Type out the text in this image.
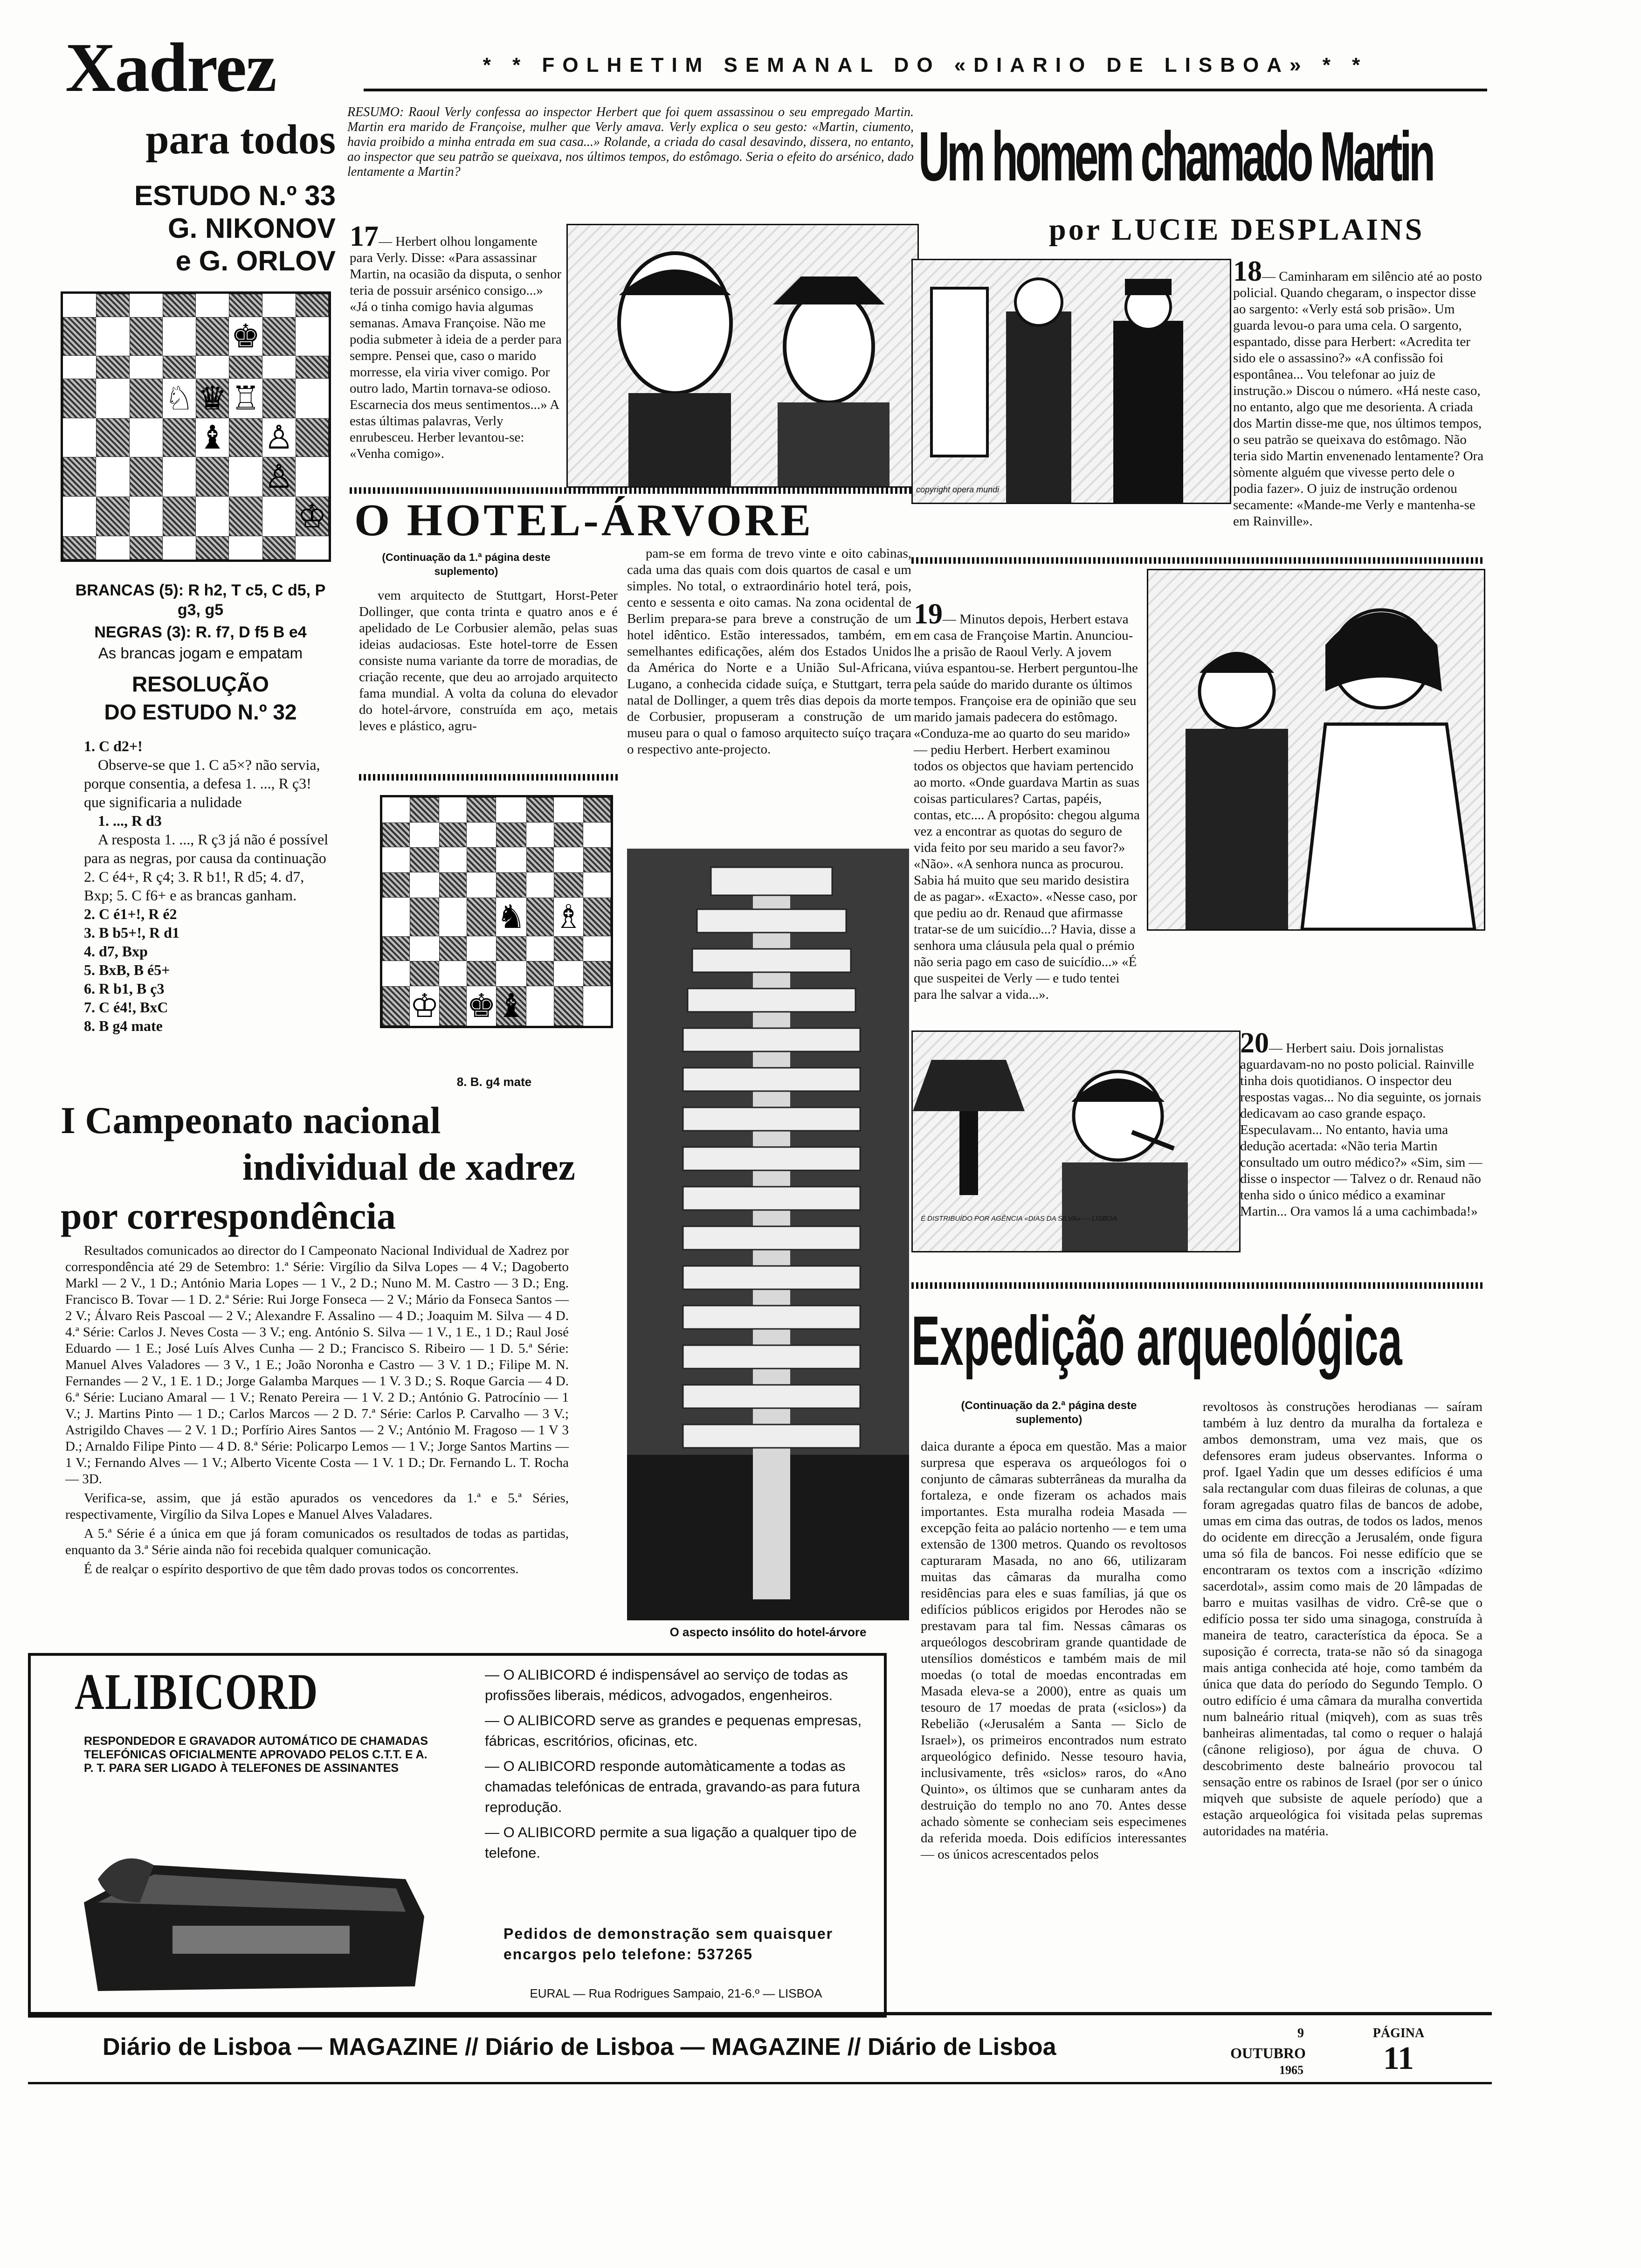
Xadrez	* * FOLHETIM SEMANAL DO «DIARIO DE LISBOA» * *
para todos
ESTUDO N.º 33
G. NIKONOV
e G. ORLOV
♚
♘ ♛ ♖
♝ ♙
♙
♔
BRANCAS (5): R h2, T c5, C d5, P g3, g5
NEGRAS (3): R. f7, D f5 B e4
As brancas jogam e empatam
RESOLUÇÃO
DO ESTUDO N.º 32
1. C d2+!
Observe-se que 1. C a5×? não servia, porque consentia, a defesa 1. ..., R ç3! que significaria a nulidade
1. ..., R d3
A resposta 1. ..., R ç3 já não é possível para as negras, por causa da continuação 2. C é4+, R ç4; 3. R b1!, R d5; 4. d7, Bxp; 5. C f6+ e as brancas ganham.
2. C é1+!, R é2
3. B b5+!, R d1
4. d7, Bxp
5. BxB, B é5+
6. R b1, B ç3
7. C é4!, BxC
8. B g4 mate
I Campeonato nacional
individual de xadrez
por correspondência

Resultados comunicados ao director do I Campeonato Nacional Individual de Xadrez por correspondência até 29 de Setembro: 1.ª Série: Virgílio da Silva Lopes — 4 V.; Dagoberto Markl — 2 V., 1 D.; António Maria Lopes — 1 V., 2 D.; Nuno M. M. Castro — 3 D.; Eng. Francisco B. Tovar — 1 D. 2.ª Série: Rui Jorge Fonseca — 2 V.; Mário da Fonseca Santos — 2 V.; Álvaro Reis Pascoal — 2 V.; Alexandre F. Assalino — 4 D.; Joaquim M. Silva — 4 D. 4.ª Série: Carlos J. Neves Costa — 3 V.; eng. António S. Silva — 1 V., 1 E., 1 D.; Raul José Eduardo — 1 E.; José Luís Alves Cunha — 2 D.; Francisco S. Ribeiro — 1 D. 5.ª Série: Manuel Alves Valadores — 3 V., 1 E.; João Noronha e Castro — 3 V. 1 D.; Filipe M. N. Fernandes — 2 V., 1 E. 1 D.; Jorge Galamba Marques — 1 V. 3 D.; S. Roque Garcia — 4 D. 6.ª Série: Luciano Amaral — 1 V.; Renato Pereira — 1 V. 2 D.; António G. Patrocínio — 1 V.; J. Martins Pinto — 1 D.; Carlos Marcos — 2 D. 7.ª Série: Carlos P. Carvalho — 3 V.; Astrigildo Chaves — 2 V. 1 D.; Porfírio Aires Santos — 2 V.; António M. Fragoso — 1 V 3 D.; Arnaldo Filipe Pinto — 4 D. 8.ª Série: Policarpo Lemos — 1 V.; Jorge Santos Martins — 1 V.; Fernando Alves — 1 V.; Alberto Vicente Costa — 1 V. 1 D.; Dr. Fernando L. T. Rocha — 3D.

Verifica-se, assim, que já estão apurados os vencedores da 1.ª e 5.ª Séries, respectivamente, Virgílio da Silva Lopes e Manuel Alves Valadares.

A 5.ª Série é a única em que já foram comunicados os resultados de todas as partidas, enquanto da 3.ª Série ainda não foi recebida qualquer comunicação.

É de realçar o espírito desportivo de que têm dado provas todos os concorrentes.

RESUMO: Raoul Verly confessa ao inspector Herbert que foi quem assassinou o seu empregado Martin. Martin era marido de Françoise, mulher que Verly amava. Verly explica o seu gesto: «Martin, ciumento, havia proibido a minha entrada em sua casa...» Rolande, a criada do casal desavindo, dissera, no entanto, ao inspector que seu patrão se queixava, nos últimos tempos, do estômago. Seria o efeito do arsénico, dado lentamente a Martin?	Um homem chamado Martin
por LUCIE DESPLAINS
17— Herbert olhou longamente para Verly. Disse: «Para assassinar Martin, na ocasião da disputa, o senhor teria de possuir arsénico consigo...» «Já o tinha comigo havia algumas semanas. Amava Françoise. Não me podia submeter à ideia de a perder para sempre. Pensei que, caso o marido morresse, ela viria viver comigo. Por outro lado, Martin tornava-se odioso. Escarnecia dos meus sentimentos...» A estas últimas palavras, Verly enrubesceu. Herber levantou-se: «Venha comigo».
copyright opera mundi
18— Caminharam em silêncio até ao posto policial. Quando chegaram, o inspector disse ao sargento: «Verly está sob prisão». Um guarda levou-o para uma cela. O sargento, espantado, disse para Herbert: «Acredita ter sido ele o assassino?» «A confissão foi espontânea... Vou telefonar ao juiz de instrução.» Discou o número. «Há neste caso, no entanto, algo que me desorienta. A criada dos Martin disse-me que, nos últimos tempos, o seu patrão se queixava do estômago. Não teria sido Martin envenenado lentamente? Ora sòmente alguém que vivesse perto dele o podia fazer». O juiz de instrução ordenou secamente: «Mande-me Verly e mantenha-se em Rainville».
19— Minutos depois, Herbert estava em casa de Françoise Martin. Anunciou-lhe a prisão de Raoul Verly. A jovem viúva espantou-se. Herbert perguntou-lhe pela saúde do marido durante os últimos tempos. Françoise era de opinião que seu marido jamais padecera do estômago. «Conduza-me ao quarto do seu marido» — pediu Herbert. Herbert examinou todos os objectos que haviam pertencido ao morto. «Onde guardava Martin as suas coisas particulares? Cartas, papéis, contas, etc.... A propósito: chegou alguma vez a encontrar as quotas do seguro de vida feito por seu marido a seu favor?» «Não». «A senhora nunca as procurou. Sabia há muito que seu marido desistira de as pagar». «Exacto». «Nesse caso, por que pediu ao dr. Renaud que afirmasse tratar-se de um suicídio...? Havia, disse a senhora uma cláusula pela qual o prémio não seria pago em caso de suicídio...» «É que suspeitei de Verly — e tudo tentei para lhe salvar a vida...».
É DISTRIBUÍDO POR AGÊNCIA «DIAS DA SILVA» — LISBOA
20— Herbert saiu. Dois jornalistas aguardavam-no no posto policial. Rainville tinha dois quotidianos. O inspector deu respostas vagas... No dia seguinte, os jornais dedicavam ao caso grande espaço. Especulavam... No entanto, havia uma dedução acertada: «Não teria Martin consultado um outro médico?» «Sim, sim — disse o inspector — Talvez o dr. Renaud não tenha sido o único médico a examinar Martin... Ora vamos lá a uma cachimbada!»
O HOTEL-ÁRVORE
(Continuação da 1.ª página deste suplemento)

vem arquitecto de Stuttgart, Horst-Peter Dollinger, que conta trinta e quatro anos e é apelidado de Le Corbusier alemão, pelas suas ideias audaciosas. Este hotel-torre de Essen consiste numa variante da torre de moradias, de criação recente, que deu ao arrojado arquitecto fama mundial. A volta da coluna do elevador do hotel-árvore, construída em aço, metais leves e plástico, agru-

pam-se em forma de trevo vinte e oito cabinas, cada uma das quais com dois quartos de casal e um simples. No total, o extraordinário hotel terá, pois, cento e sessenta e oito camas. Na zona ocidental de Berlim prepara-se para breve a construção de um hotel idêntico. Estão interessados, também, em semelhantes edificações, além dos Estados Unidos da América do Norte e a União Sul-Africana, Lugano, a conhecida cidade suíça, e Stuttgart, terra natal de Dollinger, a quem três dias depois da morte de Corbusier, propuseram a construção de um museu para o qual o famoso arquitecto suíço traçara o respectivo ante-projecto.

♞ ♗
♔ ♚ ♝
8. B. g4 mate
O aspecto insólito do hotel-árvore
Expedição arqueológica
(Continuação da 2.ª página deste suplemento)

daica durante a época em questão. Mas a maior surpresa que esperava os arqueólogos foi o conjunto de câmaras subterrâneas da muralha da fortaleza, e onde fizeram os achados mais importantes. Esta muralha rodeia Masada — excepção feita ao palácio nortenho — e tem uma extensão de 1300 metros. Quando os revoltosos capturaram Masada, no ano 66, utilizaram muitas das câmaras da muralha como residências para eles e suas famílias, já que os edifícios públicos erigidos por Herodes não se prestavam para tal fim. Nessas câmaras os arqueólogos descobriram grande quantidade de utensílios domésticos e também mais de mil moedas (o total de moedas encontradas em Masada eleva-se a 2000), entre as quais um tesouro de 17 moedas de prata («siclos») da Rebelião («Jerusalém a Santa — Siclo de Israel»), os primeiros encontrados num estrato arqueológico definido. Nesse tesouro havia, inclusivamente, três «siclos» raros, do «Ano Quinto», os últimos que se cunharam antes da destruição do templo no ano 70. Antes desse achado sòmente se conheciam seis especimenes da referida moeda. Dois edifícios interessantes — os únicos acrescentados pelos

revoltosos às construções herodianas — saíram também à luz dentro da muralha da fortaleza e ambos demonstram, uma vez mais, que os defensores eram judeus observantes. Informa o prof. Igael Yadin que um desses edifícios é uma sala rectangular com duas fileiras de colunas, a que foram agregadas quatro filas de bancos de adobe, umas em cima das outras, de todos os lados, menos do ocidente em direcção a Jerusalém, onde figura uma só fila de bancos. Foi nesse edifício que se encontraram os textos com a inscrição «dízimo sacerdotal», assim como mais de 20 lâmpadas de barro e muitas vasilhas de vidro. Crê-se que o edifício possa ter sido uma sinagoga, construída à maneira de teatro, característica da época. Se a suposição é correcta, trata-se não só da sinagoga mais antiga conhecida até hoje, como também da única que data do período do Segundo Templo. O outro edifício é uma câmara da muralha convertida num balneário ritual (miqveh), com as suas três banheiras alimentadas, tal como o requer o halajá (cânone religioso), por água de chuva. O descobrimento deste balneário provocou tal sensação entre os rabinos de Israel (por ser o único miqveh que subsiste de aquele período) que a estação arqueológica foi visitada pelas supremas autoridades na matéria.

ALIBICORD
RESPONDEDOR E GRAVADOR AUTOMÁTICO DE CHAMADAS TELEFÓNICAS OFICIALMENTE APROVADO PELOS C.T.T. E A. P. T. PARA SER LIGADO À TELEFONES DE ASSINANTES
— O ALIBICORD é indispensável ao serviço de todas as profissões liberais, médicos, advogados, engenheiros.
— O ALIBICORD serve as grandes e pequenas empresas, fábricas, escritórios, oficinas, etc.
— O ALIBICORD responde automàticamente a todas as chamadas telefónicas de entrada, gravando-as para futura reprodução.
— O ALIBICORD permite a sua ligação a qualquer tipo de telefone.
Pedidos de demonstração sem quaisquer encargos pelo telefone: 537265
EURAL — Rua Rodrigues Sampaio, 21-6.º — LISBOA
Diário de Lisboa — MAGAZINE // Diário de Lisboa — MAGAZINE // Diário de Lisboa
9
OUTUBRO
1965
PÁGINA
11
